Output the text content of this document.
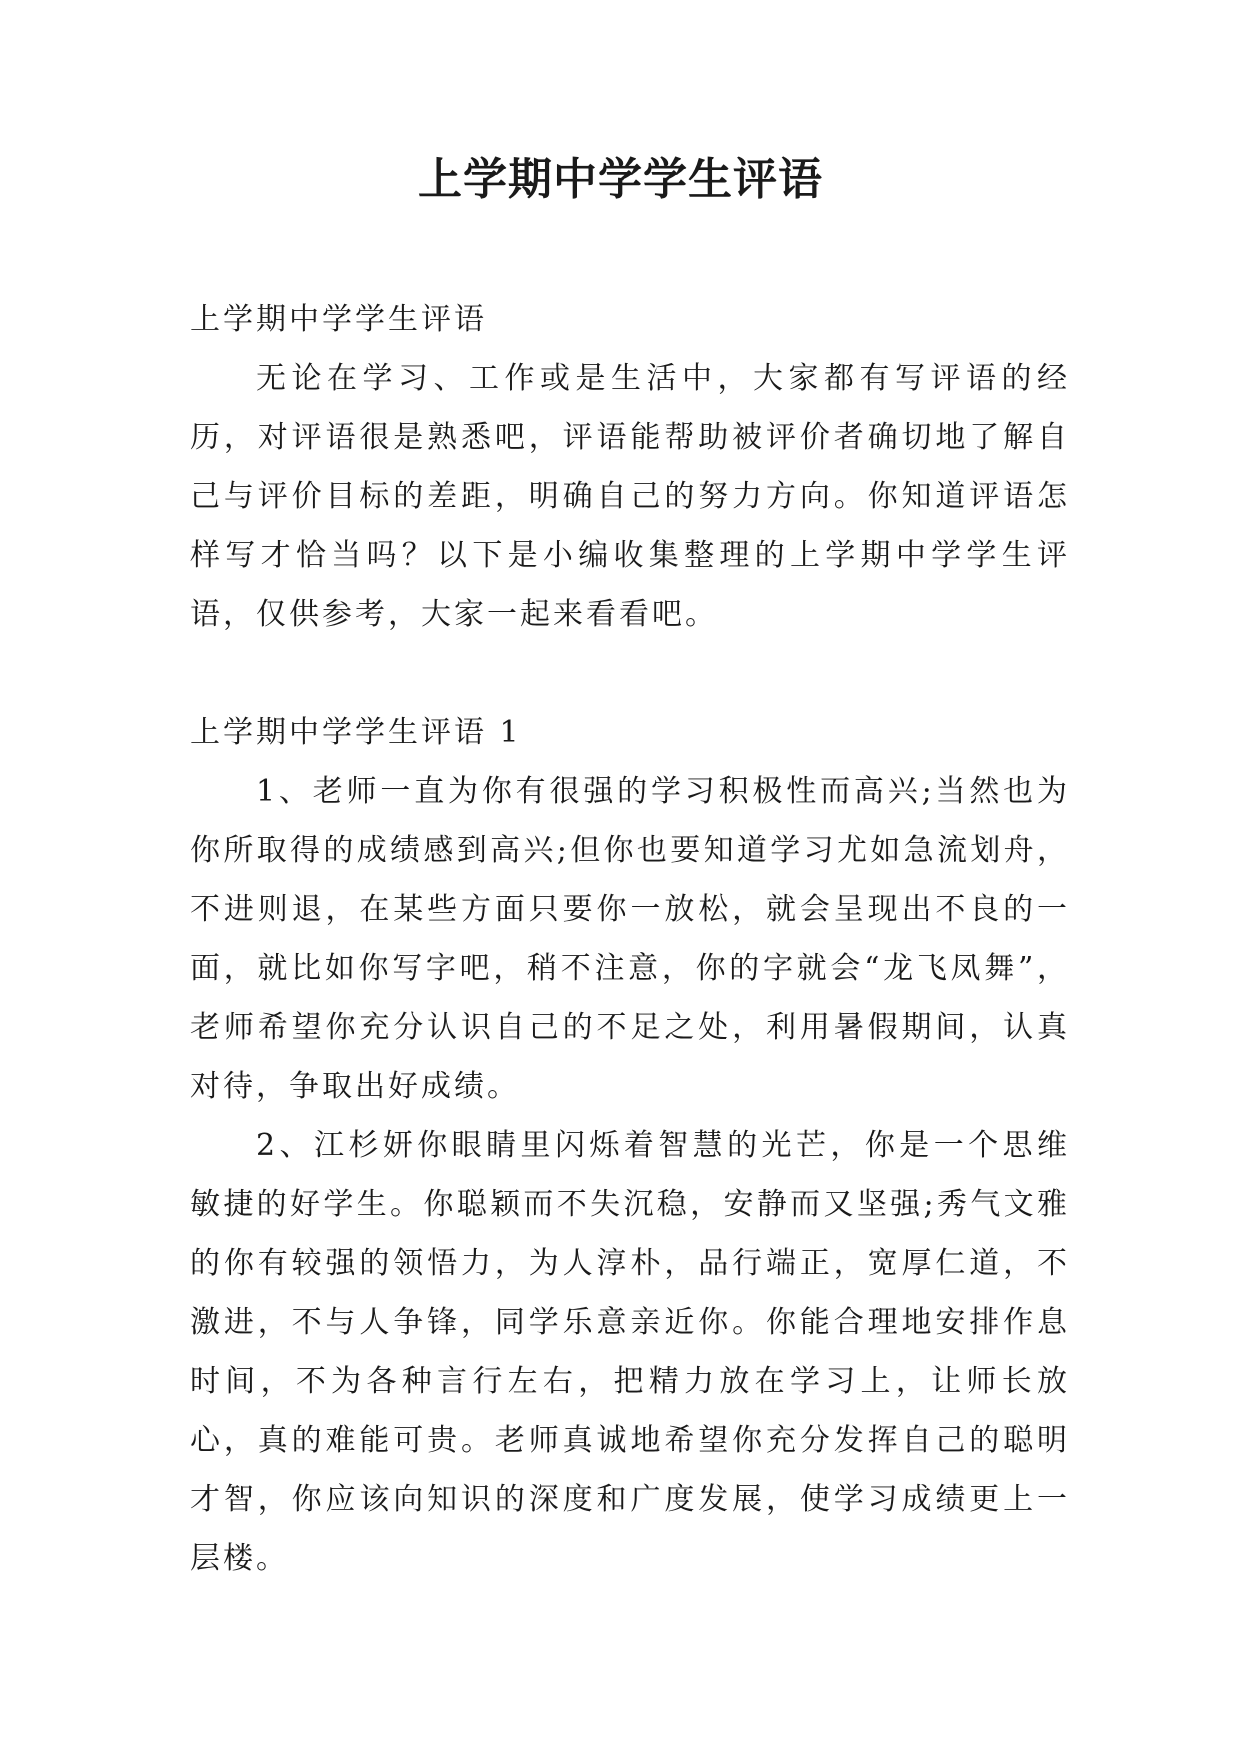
上学期中学学生评语

上学期中学学生评语

无论在学习、工作或是生活中，大家都有写评语的经历，对评语很是熟悉吧，评语能帮助被评价者确切地了解自己与评价目标的差距，明确自己的努力方向。你知道评语怎样写才恰当吗？以下是小编收集整理的上学期中学学生评语，仅供参考，大家一起来看看吧。

上学期中学学生评语 1

1、老师一直为你有很强的学习积极性而高兴;当然也为你所取得的成绩感到高兴;但你也要知道学习尤如急流划舟，不进则退，在某些方面只要你一放松，就会呈现出不良的一面，就比如你写字吧，稍不注意，你的字就会“龙飞凤舞”，老师希望你充分认识自己的不足之处，利用暑假期间，认真对待，争取出好成绩。

2、江杉妍你眼睛里闪烁着智慧的光芒，你是一个思维敏捷的好学生。你聪颖而不失沉稳，安静而又坚强;秀气文雅的你有较强的领悟力，为人淳朴，品行端正，宽厚仁道，不激进，不与人争锋，同学乐意亲近你。你能合理地安排作息时间，不为各种言行左右，把精力放在学习上，让师长放心，真的难能可贵。老师真诚地希望你充分发挥自己的聪明才智，你应该向知识的深度和广度发展，使学习成绩更上一层楼。
